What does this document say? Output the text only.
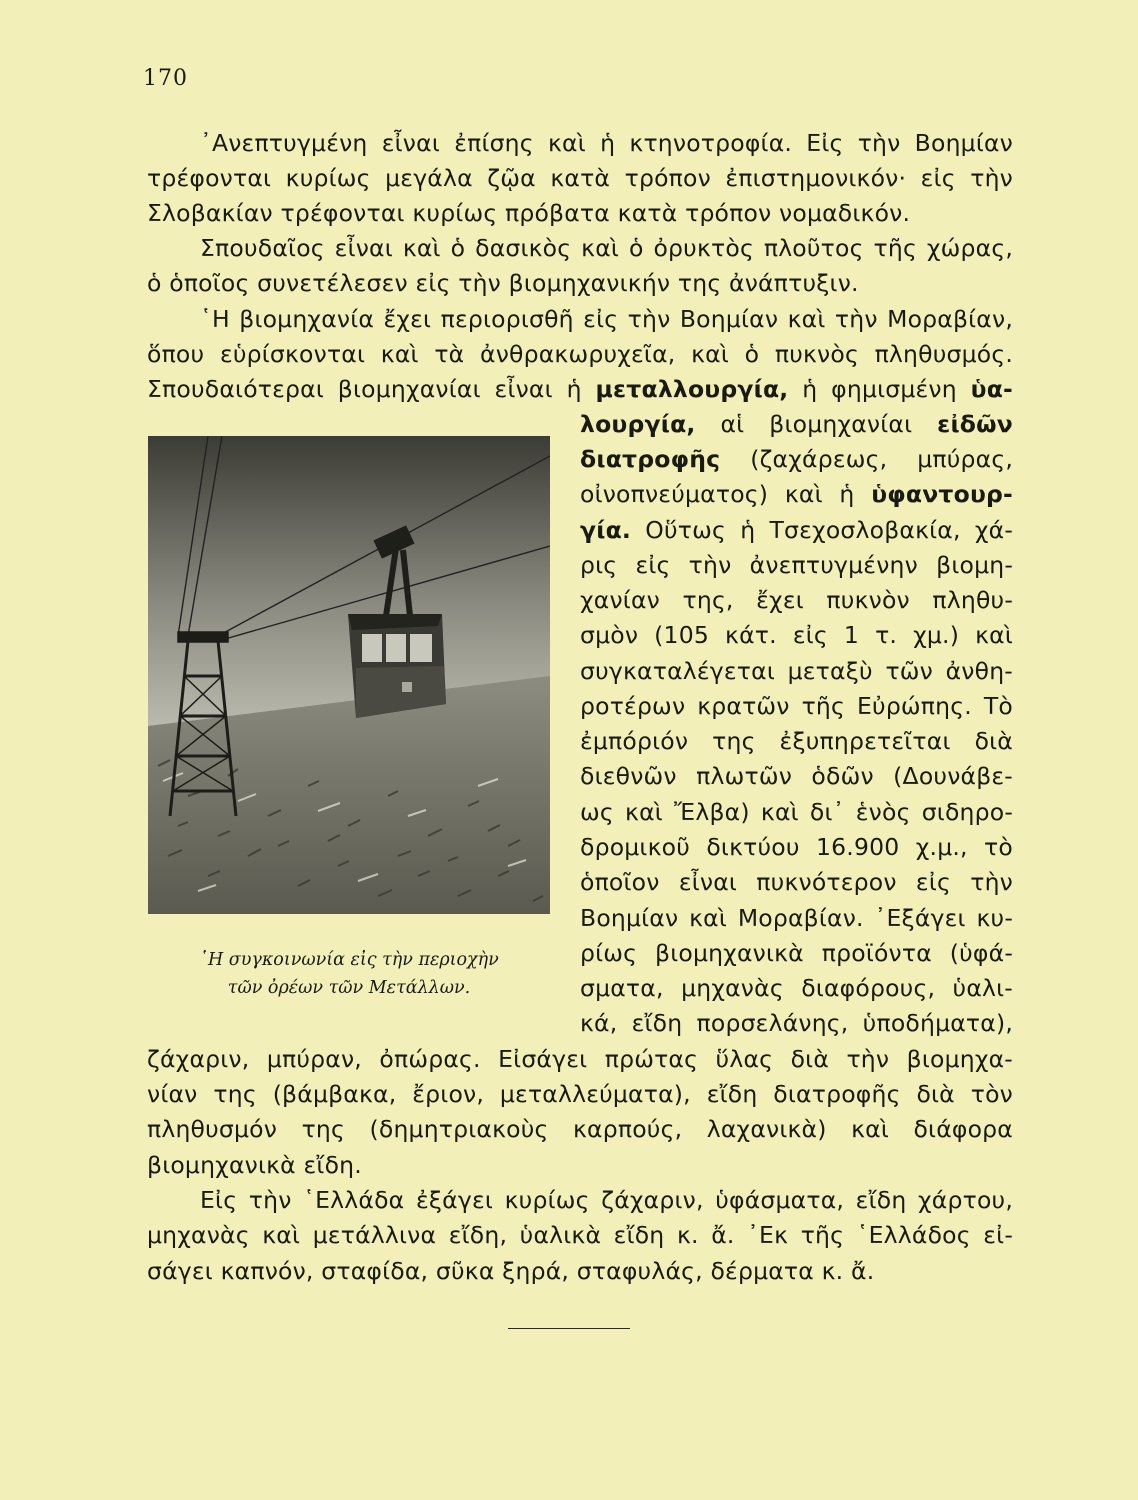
170
᾽Ανεπτυγμένη εἶναι ἐπίσης καὶ ἡ κτηνοτροφία. Εἰς τὴν Βοημίαν
τρέφονται κυρίως μεγάλα ζῷα κατὰ τρόπον ἐπιστημονικόν· εἰς τὴν
Σλοβακίαν τρέφονται κυρίως πρόβατα κατὰ τρόπον νομαδικόν.
Σπουδαῖος εἶναι καὶ ὁ δασικὸς καὶ ὁ ὀρυκτὸς πλοῦτος τῆς χώρας,
ὁ ὁποῖος συνετέλεσεν εἰς τὴν βιομηχανικήν της ἀνάπτυξιν.
῾Η βιομηχανία ἔχει περιορισθῆ εἰς τὴν Βοημίαν καὶ τὴν Μοραβίαν,
ὅπου εὑρίσκονται καὶ τὰ ἀνθρακωρυχεῖα, καὶ ὁ πυκνὸς πληθυσμός.
Σπουδαιότεραι βιομηχανίαι εἶναι ἡ μεταλλουργία, ἡ φημισμένη ὑα-
λουργία, αἱ βιομηχανίαι εἰδῶν
διατροφῆς (ζαχάρεως, μπύρας,
οἰνοπνεύματος) καὶ ἡ ὑφαντουρ-
γία. Οὕτως ἡ Τσεχοσλοβακία, χά-
ρις εἰς τὴν ἀνεπτυγμένην βιομη-
χανίαν της, ἔχει πυκνὸν πληθυ-
σμὸν (105 κάτ. εἰς 1 τ. χμ.) καὶ
συγκαταλέγεται μεταξὺ τῶν ἀνθη-
ροτέρων κρατῶν τῆς Εὐρώπης. Τὸ
ἐμπόριόν της ἐξυπηρετεῖται διὰ
διεθνῶν πλωτῶν ὁδῶν (Δουνάβε-
ως καὶ Ἔλβα) καὶ δι᾽ ἑνὸς σιδηρο-
δρομικοῦ δικτύου 16.900 χ.μ., τὸ
ὁποῖον εἶναι πυκνότερον εἰς τὴν
Βοημίαν καὶ Μοραβίαν. ᾽Εξάγει κυ-
ρίως βιομηχανικὰ προϊόντα (ὑφά-
σματα, μηχανὰς διαφόρους, ὑαλι-
κά, εἴδη πορσελάνης, ὑποδήματα),
῾Η συγκοινωνία εἰς τὴν περιοχὴν
τῶν ὀρέων τῶν Μετάλλων.
ζάχαριν, μπύραν, ὀπώρας. Εἰσάγει πρώτας ὕλας διὰ τὴν βιομηχα-
νίαν της (βάμβακα, ἔριον, μεταλλεύματα), εἴδη διατροφῆς διὰ τὸν
πληθυσμόν της (δημητριακοὺς καρπούς, λαχανικὰ) καὶ διάφορα
βιομηχανικὰ εἴδη.
Εἰς τὴν ῾Ελλάδα ἐξάγει κυρίως ζάχαριν, ὑφάσματα, εἴδη χάρτου,
μηχανὰς καὶ μετάλλινα εἴδη, ὑαλικὰ εἴδη κ. ἄ. ᾽Εκ τῆς ῾Ελλάδος εἰ-
σάγει καπνόν, σταφίδα, σῦκα ξηρά, σταφυλάς, δέρματα κ. ἄ.
